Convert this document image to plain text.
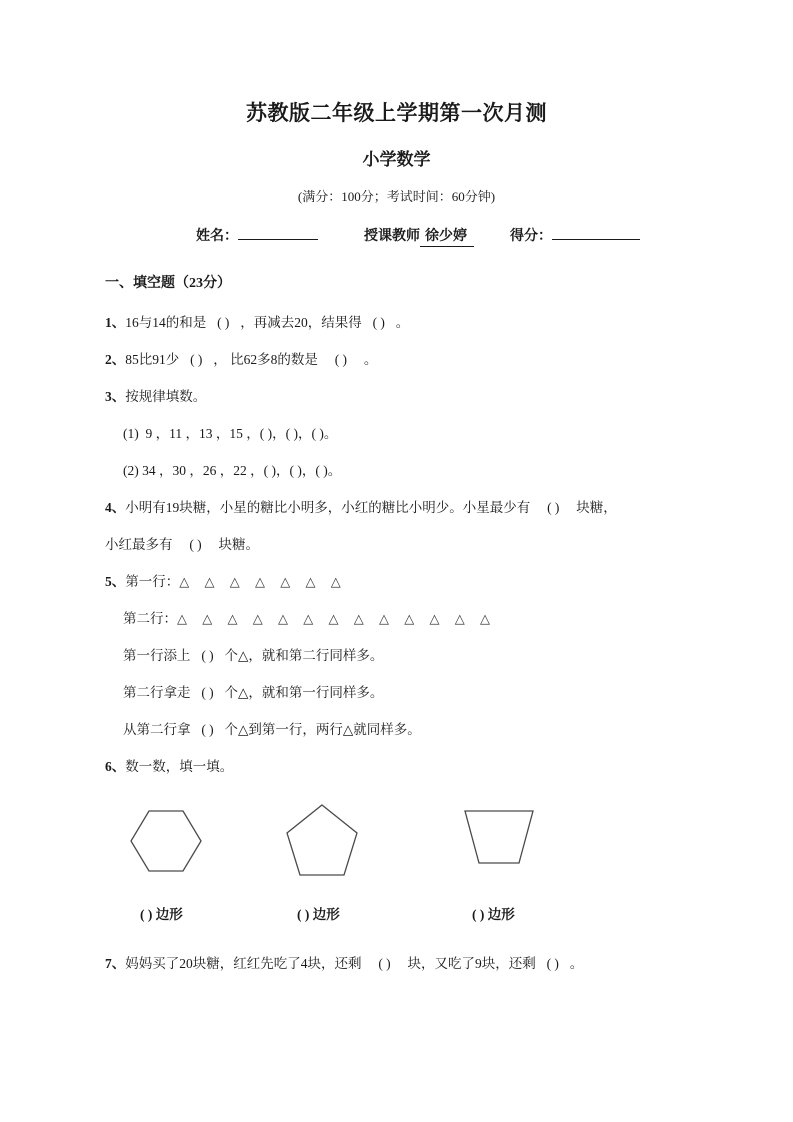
苏教版二年级上学期第一次月测
小学数学

(满分：100分；考试时间：60分钟)

姓名：	授课教师 徐少婷	得分：

一、填空题（23分）

1、16与14的和是 ( ) ，再减去20，结果得 ( ) 。

2、85比91少 ( ) ， 比62多8的数是 ( ) 。

3、按规律填数。

(1) 9 ，11 ，13 ，15 ，( )，( )，( )。

(2) 34 ，30 ，26 ，22 ，( )，( )，( )。

4、小明有19块糖，小星的糖比小明多，小红的糖比小明少。小星最少有 ( ) 块糖，

小红最多有 ( ) 块糖。

5、第一行：△ △ △ △ △ △ △

第二行：△ △ △ △ △ △ △ △ △ △ △ △ △

第一行添上 ( ) 个△，就和第二行同样多。

第二行拿走 ( ) 个△，就和第一行同样多。

从第二行拿 ( ) 个△到第一行，两行△就同样多。

6、数一数，填一填。

( ) 边形	( ) 边形	( ) 边形

7、妈妈买了20块糖，红红先吃了4块，还剩 ( ) 块，又吃了9块，还剩 ( ) 。
